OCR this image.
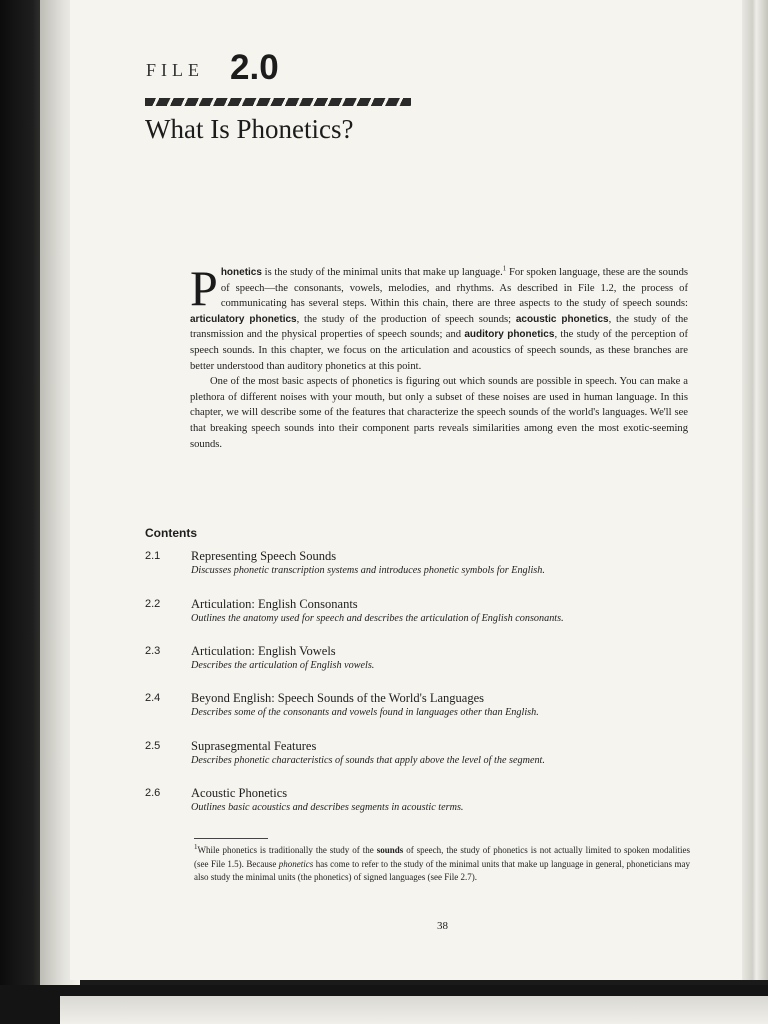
FILE 2.0
What Is Phonetics?

Phonetics is the study of the minimal units that make up language.$^1$ For spoken language, these are the sounds of speech—the consonants, vowels, melodies, and rhythms. As described in File 1.2, the process of communicating has several steps. Within this chain, there are three aspects to the study of speech sounds: articulatory phonetics, the study of the production of speech sounds; acoustic phonetics, the study of the transmission and the physical properties of speech sounds; and auditory phonetics, the study of the perception of speech sounds. In this chapter, we focus on the articulation and acoustics of speech sounds, as these branches are better understood than auditory phonetics at this point.

One of the most basic aspects of phonetics is figuring out which sounds are possible in speech. You can make a plethora of different noises with your mouth, but only a subset of these noises are used in human language. In this chapter, we will describe some of the features that characterize the speech sounds of the world's languages. We'll see that breaking speech sounds into their component parts reveals similarities among even the most exotic-seeming sounds.

Contents
2.1 Representing Speech Sounds
Discusses phonetic transcription systems and introduces phonetic symbols for English.
2.2 Articulation: English Consonants
Outlines the anatomy used for speech and describes the articulation of English consonants.
2.3 Articulation: English Vowels
Describes the articulation of English vowels.
2.4 Beyond English: Speech Sounds of the World's Languages
Describes some of the consonants and vowels found in languages other than English.
2.5 Suprasegmental Features
Describes phonetic characteristics of sounds that apply above the level of the segment.
2.6 Acoustic Phonetics
Outlines basic acoustics and describes segments in acoustic terms.
$^1$While phonetics is traditionally the study of the sounds of speech, the study of phonetics is not actually limited to spoken modalities (see File 1.5). Because phonetics has come to refer to the study of the minimal units that make up language in general, phoneticians may also study the minimal units (the phonetics) of signed languages (see File 2.7).
38
